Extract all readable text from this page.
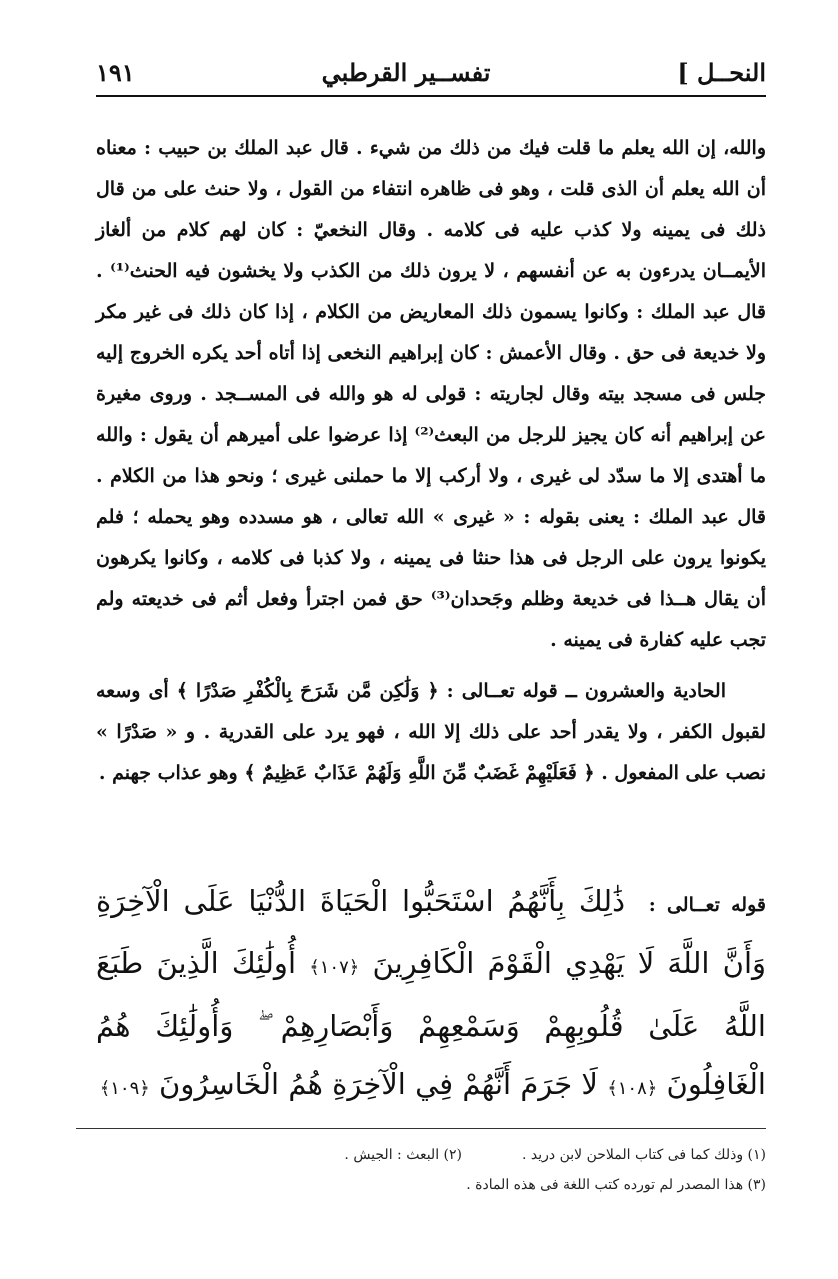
النحــل ]
تفســير القرطبي
١٩١

والله، إن الله يعلم ما قلت فيك من ذلك من شيء . قال عبد الملك بن حبيب : معناه أن الله يعلم أن الذى قلت ، وهو فى ظاهره انتفاء من القول ، ولا حنث على من قال ذلك فى يمينه ولا كذب عليه فى كلامه . وقال النخعيّ : كان لهم كلام من ألغاز الأيمــان يدرءون به عن أنفسهم ، لا يرون ذلك من الكذب ولا يخشون فيه الحنث⁽¹⁾ . قال عبد الملك : وكانوا يسمون ذلك المعاريض من الكلام ، إذا كان ذلك فى غير مكر ولا خديعة فى حق . وقال الأعمش : كان إبراهيم النخعى إذا أتاه أحد يكره الخروج إليه جلس فى مسجد بيته وقال لجاريته : قولى له هو والله فى المســجد . وروى مغيرة عن إبراهيم أنه كان يجيز للرجل من البعث⁽²⁾ إذا عرضوا على أميرهم أن يقول : والله ما أهتدى إلا ما سدّد لى غيرى ، ولا أركب إلا ما حملنى غيرى ؛ ونحو هذا من الكلام . قال عبد الملك : يعنى بقوله : « غيرى » الله تعالى ، هو مسدده وهو يحمله ؛ فلم يكونوا يرون على الرجل فى هذا حنثا فى يمينه ، ولا كذبا فى كلامه ، وكانوا يكرهون أن يقال هــذا فى خديعة وظلم وجَحدان⁽³⁾ حق فمن اجترأ وفعل أثم فى خديعته ولم تجب عليه كفارة فى يمينه .

الحادية والعشرون ــ قوله تعــالى : ﴿ وَلَٰكِن مَّن شَرَحَ بِالْكُفْرِ صَدْرًا ﴾ أى وسعه لقبول الكفر ، ولا يقدر أحد على ذلك إلا الله ، فهو يرد على القدرية . و « صَدْرًا » نصب على المفعول . ﴿ فَعَلَيْهِمْ غَضَبٌ مِّنَ اللَّهِ وَلَهُمْ عَذَابٌ عَظِيمٌ ﴾ وهو عذاب جهنم .

قوله تعــالى : ذَٰلِكَ بِأَنَّهُمُ اسْتَحَبُّوا الْحَيَاةَ الدُّنْيَا عَلَى الْآخِرَةِ وَأَنَّ اللَّهَ لَا يَهْدِي الْقَوْمَ الْكَافِرِينَ ﴿١٠٧﴾ أُولَٰئِكَ الَّذِينَ طَبَعَ اللَّهُ عَلَىٰ قُلُوبِهِمْ وَسَمْعِهِمْ وَأَبْصَارِهِمْ ۖ وَأُولَٰئِكَ هُمُ الْغَافِلُونَ ﴿١٠٨﴾ لَا جَرَمَ أَنَّهُمْ فِي الْآخِرَةِ هُمُ الْخَاسِرُونَ ﴿١٠٩﴾
(١) وذلك كما فى كتاب الملاحن لابن دريد .
(٢) البعث : الجيش .
(٣) هذا المصدر لم تورده كتب اللغة فى هذه المادة .
